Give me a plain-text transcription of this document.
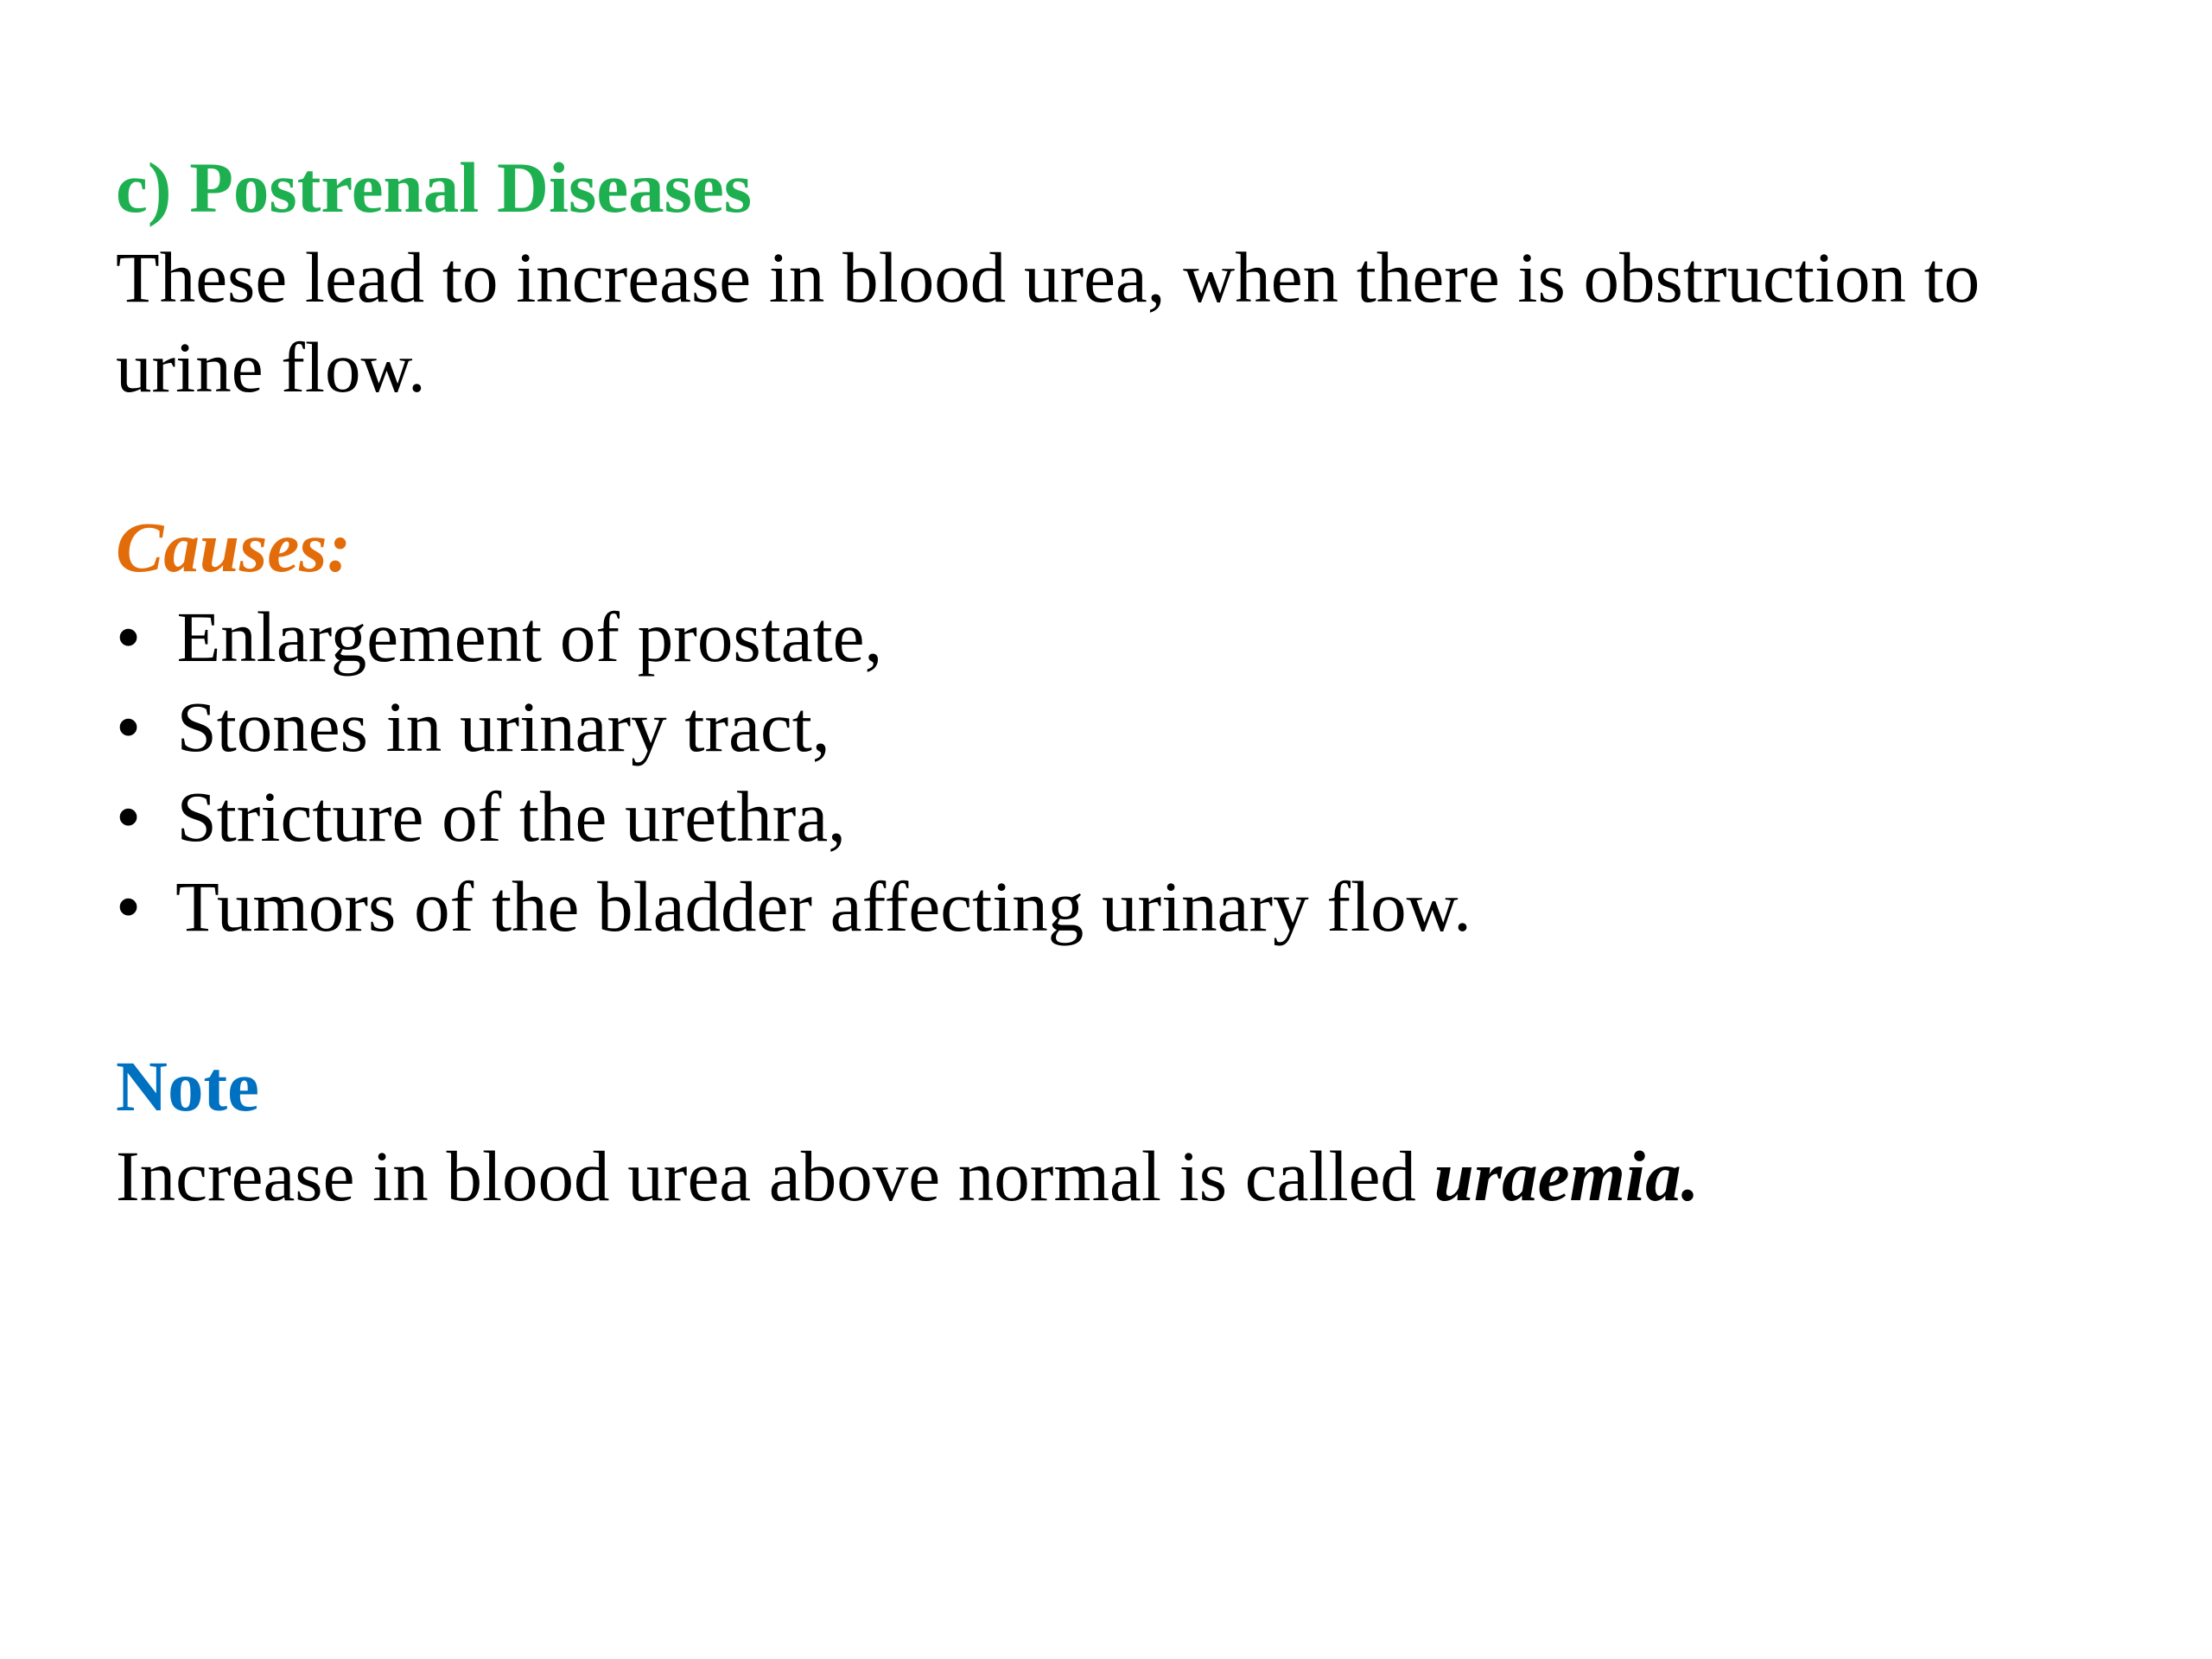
c) Postrenal Diseases
These lead to increase in blood urea, when there is obstruction to
urine flow.
Causes:
•  Enlargement of prostate,
•  Stones in urinary tract,
•  Stricture of the urethra,
•  Tumors of the bladder affecting urinary flow.
Note
Increase in blood urea above normal is called uraemia.
